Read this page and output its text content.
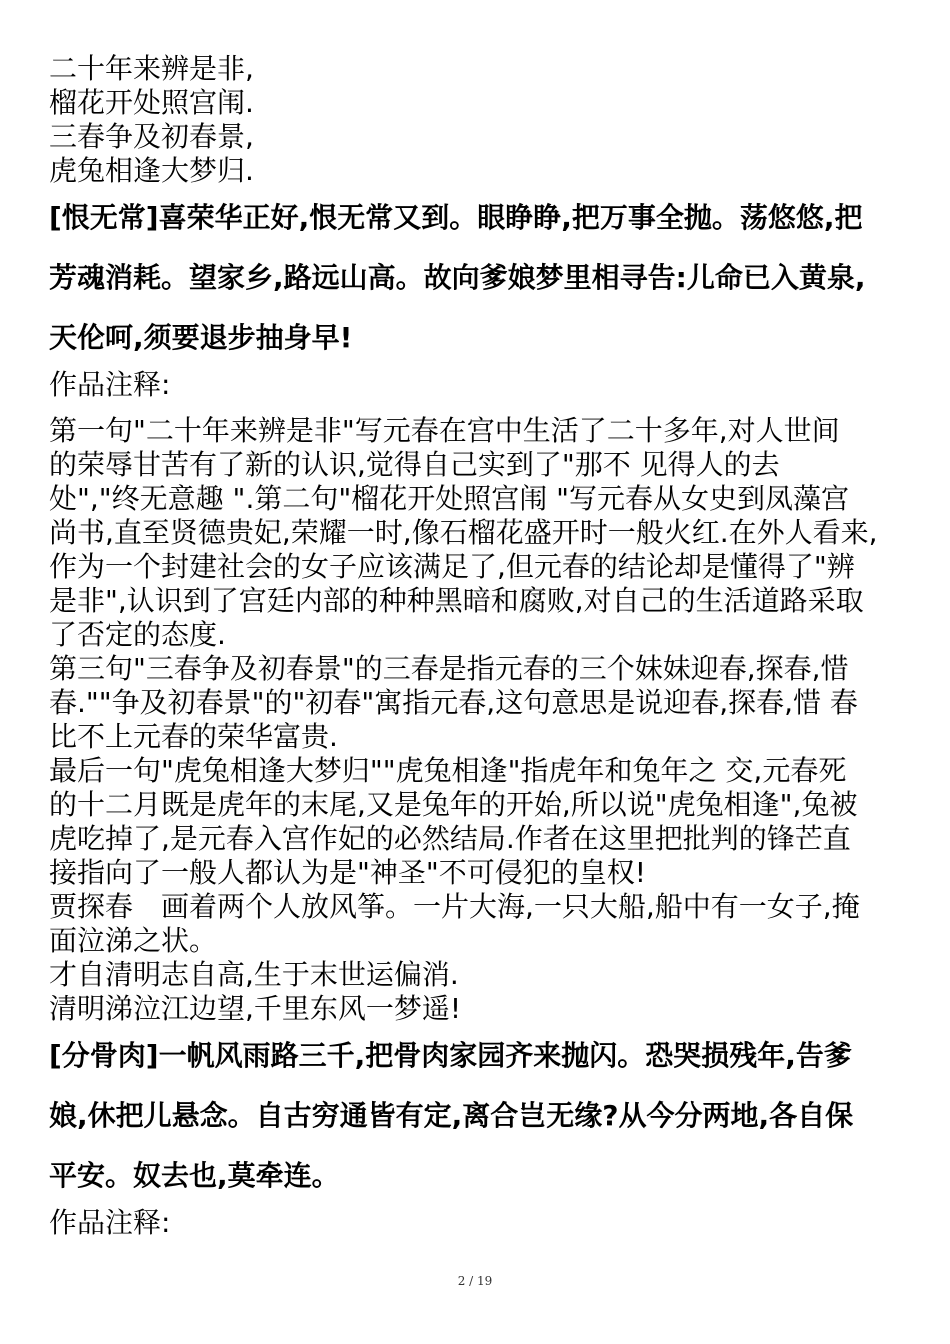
二十年来辨是非,
榴花开处照宫闱.
三春争及初春景,
虎兔相逢大梦归.
[恨无常]喜荣华正好,恨无常又到。眼睁睁,把万事全抛。荡悠悠,把
芳魂消耗。望家乡,路远山高。故向爹娘梦里相寻告:儿命已入黄泉,
天伦呵,须要退步抽身早!
作品注释:
第一句"二十年来辨是非"写元春在宫中生活了二十多年,对人世间
的荣辱甘苦有了新的认识,觉得自己实到了"那不 见得人的去
处","终无意趣 ".第二句"榴花开处照宫闱 "写元春从女史到凤藻宫
尚书,直至贤德贵妃,荣耀一时,像石榴花盛开时一般火红.在外人看来,
作为一个封建社会的女子应该满足了,但元春的结论却是懂得了"辨
是非",认识到了宫廷内部的种种黑暗和腐败,对自己的生活道路采取
了否定的态度.
第三句"三春争及初春景"的三春是指元春的三个妹妹迎春,探春,惜
春.""争及初春景"的"初春"寓指元春,这句意思是说迎春,探春,惜 春
比不上元春的荣华富贵.
最后一句"虎兔相逢大梦归""虎兔相逢"指虎年和兔年之 交,元春死
的十二月既是虎年的末尾,又是兔年的开始,所以说"虎兔相逢",兔被
虎吃掉了,是元春入宫作妃的必然结局.作者在这里把批判的锋芒直
接指向了一般人都认为是"神圣"不可侵犯的皇权!
贾探春　画着两个人放风筝。一片大海,一只大船,船中有一女子,掩
面泣涕之状。
才自清明志自高,生于末世运偏消.
清明涕泣江边望,千里东风一梦遥!
[分骨肉]一帆风雨路三千,把骨肉家园齐来抛闪。恐哭损残年,告爹
娘,休把儿悬念。自古穷通皆有定,离合岂无缘?从今分两地,各自保
平安。奴去也,莫牵连。
作品注释:
2 / 19
